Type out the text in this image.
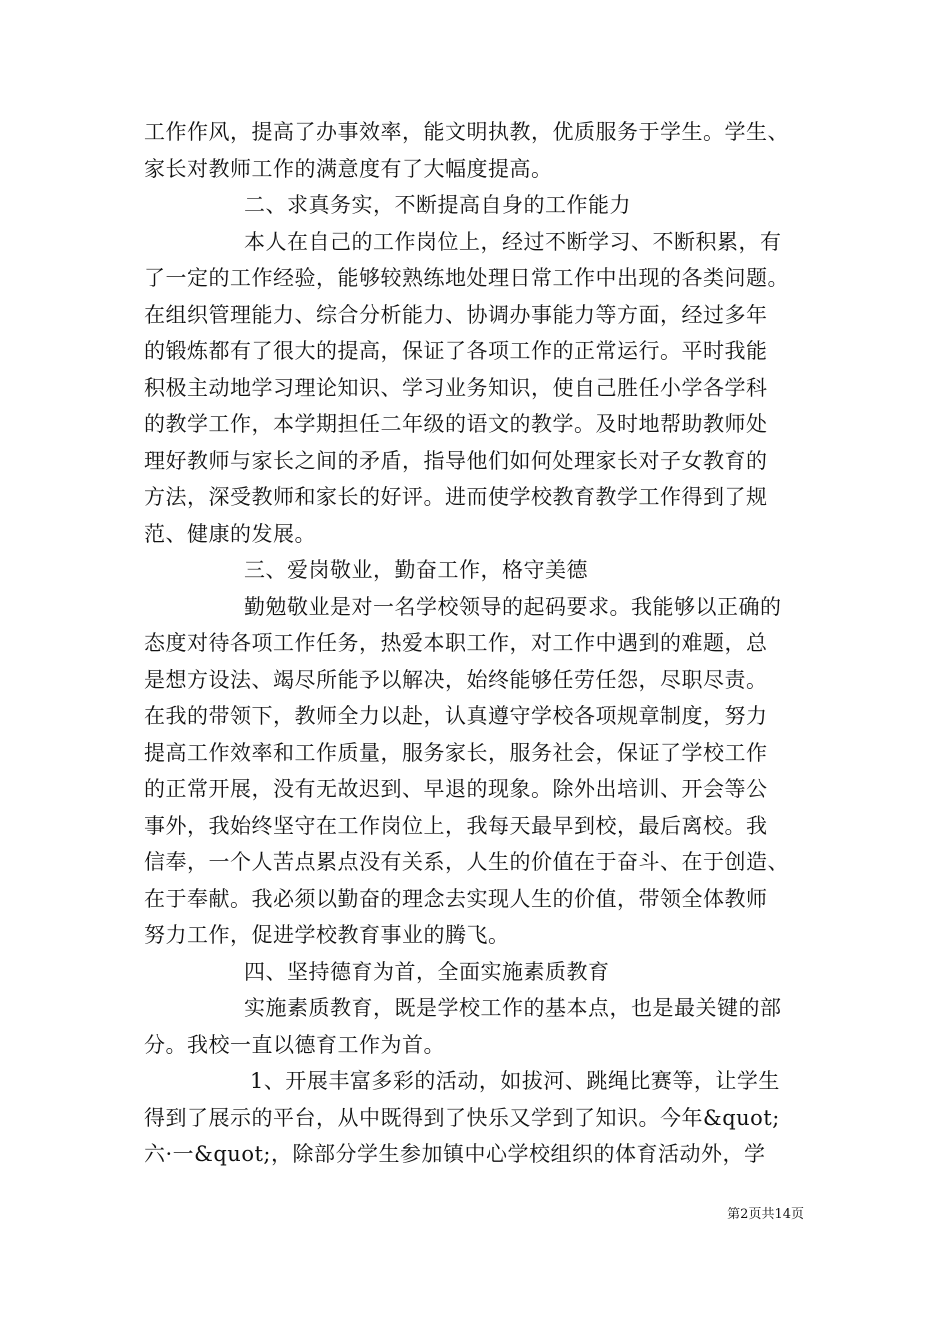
工作作风，提高了办事效率，能文明执教，优质服务于学生。学生、
家长对教师工作的满意度有了大幅度提高。
二、求真务实，不断提高自身的工作能力
本人在自己的工作岗位上，经过不断学习、不断积累，有
了一定的工作经验，能够较熟练地处理日常工作中出现的各类问题。
在组织管理能力、综合分析能力、协调办事能力等方面，经过多年
的锻炼都有了很大的提高，保证了各项工作的正常运行。平时我能
积极主动地学习理论知识、学习业务知识，使自己胜任小学各学科
的教学工作，本学期担任二年级的语文的教学。及时地帮助教师处
理好教师与家长之间的矛盾，指导他们如何处理家长对子女教育的
方法，深受教师和家长的好评。进而使学校教育教学工作得到了规
范、健康的发展。
三、爱岗敬业，勤奋工作，格守美德
勤勉敬业是对一名学校领导的起码要求。我能够以正确的
态度对待各项工作任务，热爱本职工作，对工作中遇到的难题，总
是想方设法、竭尽所能予以解决，始终能够任劳任怨，尽职尽责。
在我的带领下，教师全力以赴，认真遵守学校各项规章制度，努力
提高工作效率和工作质量，服务家长，服务社会，保证了学校工作
的正常开展，没有无故迟到、早退的现象。除外出培训、开会等公
事外，我始终坚守在工作岗位上，我每天最早到校，最后离校。我
信奉，一个人苦点累点没有关系，人生的价值在于奋斗、在于创造、
在于奉献。我必须以勤奋的理念去实现人生的价值，带领全体教师
努力工作，促进学校教育事业的腾飞。
四、坚持德育为首，全面实施素质教育
实施素质教育，既是学校工作的基本点，也是最关键的部
分。我校一直以德育工作为首。
1、开展丰富多彩的活动，如拔河、跳绳比赛等，让学生
得到了展示的平台，从中既得到了快乐又学到了知识。今年&quot;
六·一&quot;，除部分学生参加镇中心学校组织的体育活动外，学
第2页共14页
